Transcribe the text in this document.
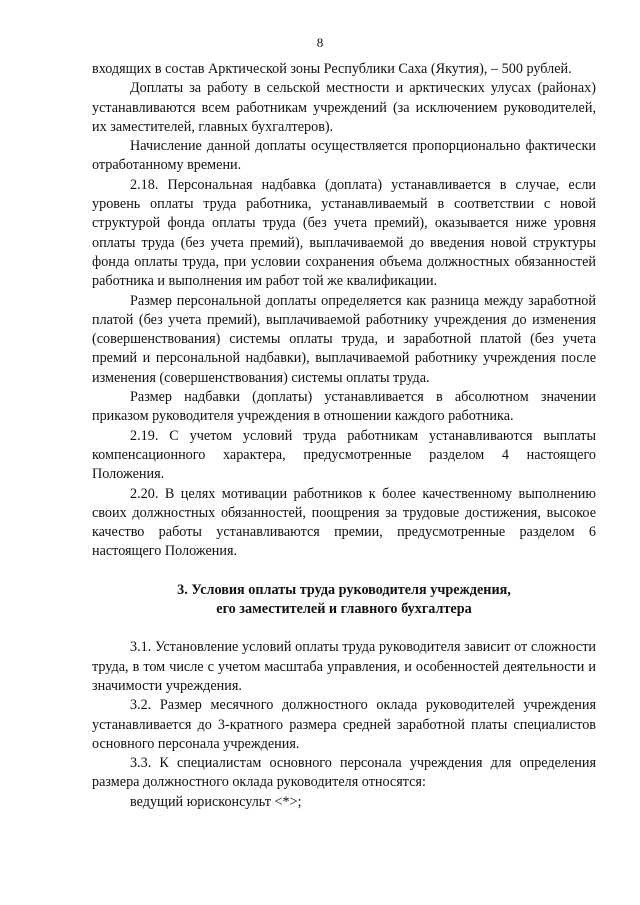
8

входящих в состав Арктической зоны Республики Саха (Якутия), – 500 рублей.

Доплаты за работу в сельской местности и арктических улусах (районах) устанавливаются всем работникам учреждений (за исключением руководителей, их заместителей, главных бухгалтеров).

Начисление данной доплаты осуществляется пропорционально фактически отработанному времени.

2.18. Персональная надбавка (доплата) устанавливается в случае, если уровень оплаты труда работника, устанавливаемый в соответствии с новой структурой фонда оплаты труда (без учета премий), оказывается ниже уровня оплаты труда (без учета премий), выплачиваемой до введения новой структуры фонда оплаты труда, при условии сохранения объема должностных обязанностей работника и выполнения им работ той же квалификации.

Размер персональной доплаты определяется как разница между заработной платой (без учета премий), выплачиваемой работнику учреждения до изменения (совершенствования) системы оплаты труда, и заработной платой (без учета премий и персональной надбавки), выплачиваемой работнику учреждения после изменения (совершенствования) системы оплаты труда.

Размер надбавки (доплаты) устанавливается в абсолютном значении приказом руководителя учреждения в отношении каждого работника.

2.19. С учетом условий труда работникам устанавливаются выплаты компенсационного характера, предусмотренные разделом 4 настоящего Положения.

2.20. В целях мотивации работников к более качественному выполнению своих должностных обязанностей, поощрения за трудовые достижения, высокое качество работы устанавливаются премии, предусмотренные разделом 6 настоящего Положения.

3. Условия оплаты труда руководителя учреждения,
его заместителей и главного бухгалтера

3.1. Установление условий оплаты труда руководителя зависит от сложности труда, в том числе с учетом масштаба управления, и особенностей деятельности и значимости учреждения.

3.2. Размер месячного должностного оклада руководителей учреждения устанавливается до 3-кратного размера средней заработной платы специалистов основного персонала учреждения.

3.3. К специалистам основного персонала учреждения для определения размера должностного оклада руководителя относятся:

ведущий юрисконсульт <*>;
